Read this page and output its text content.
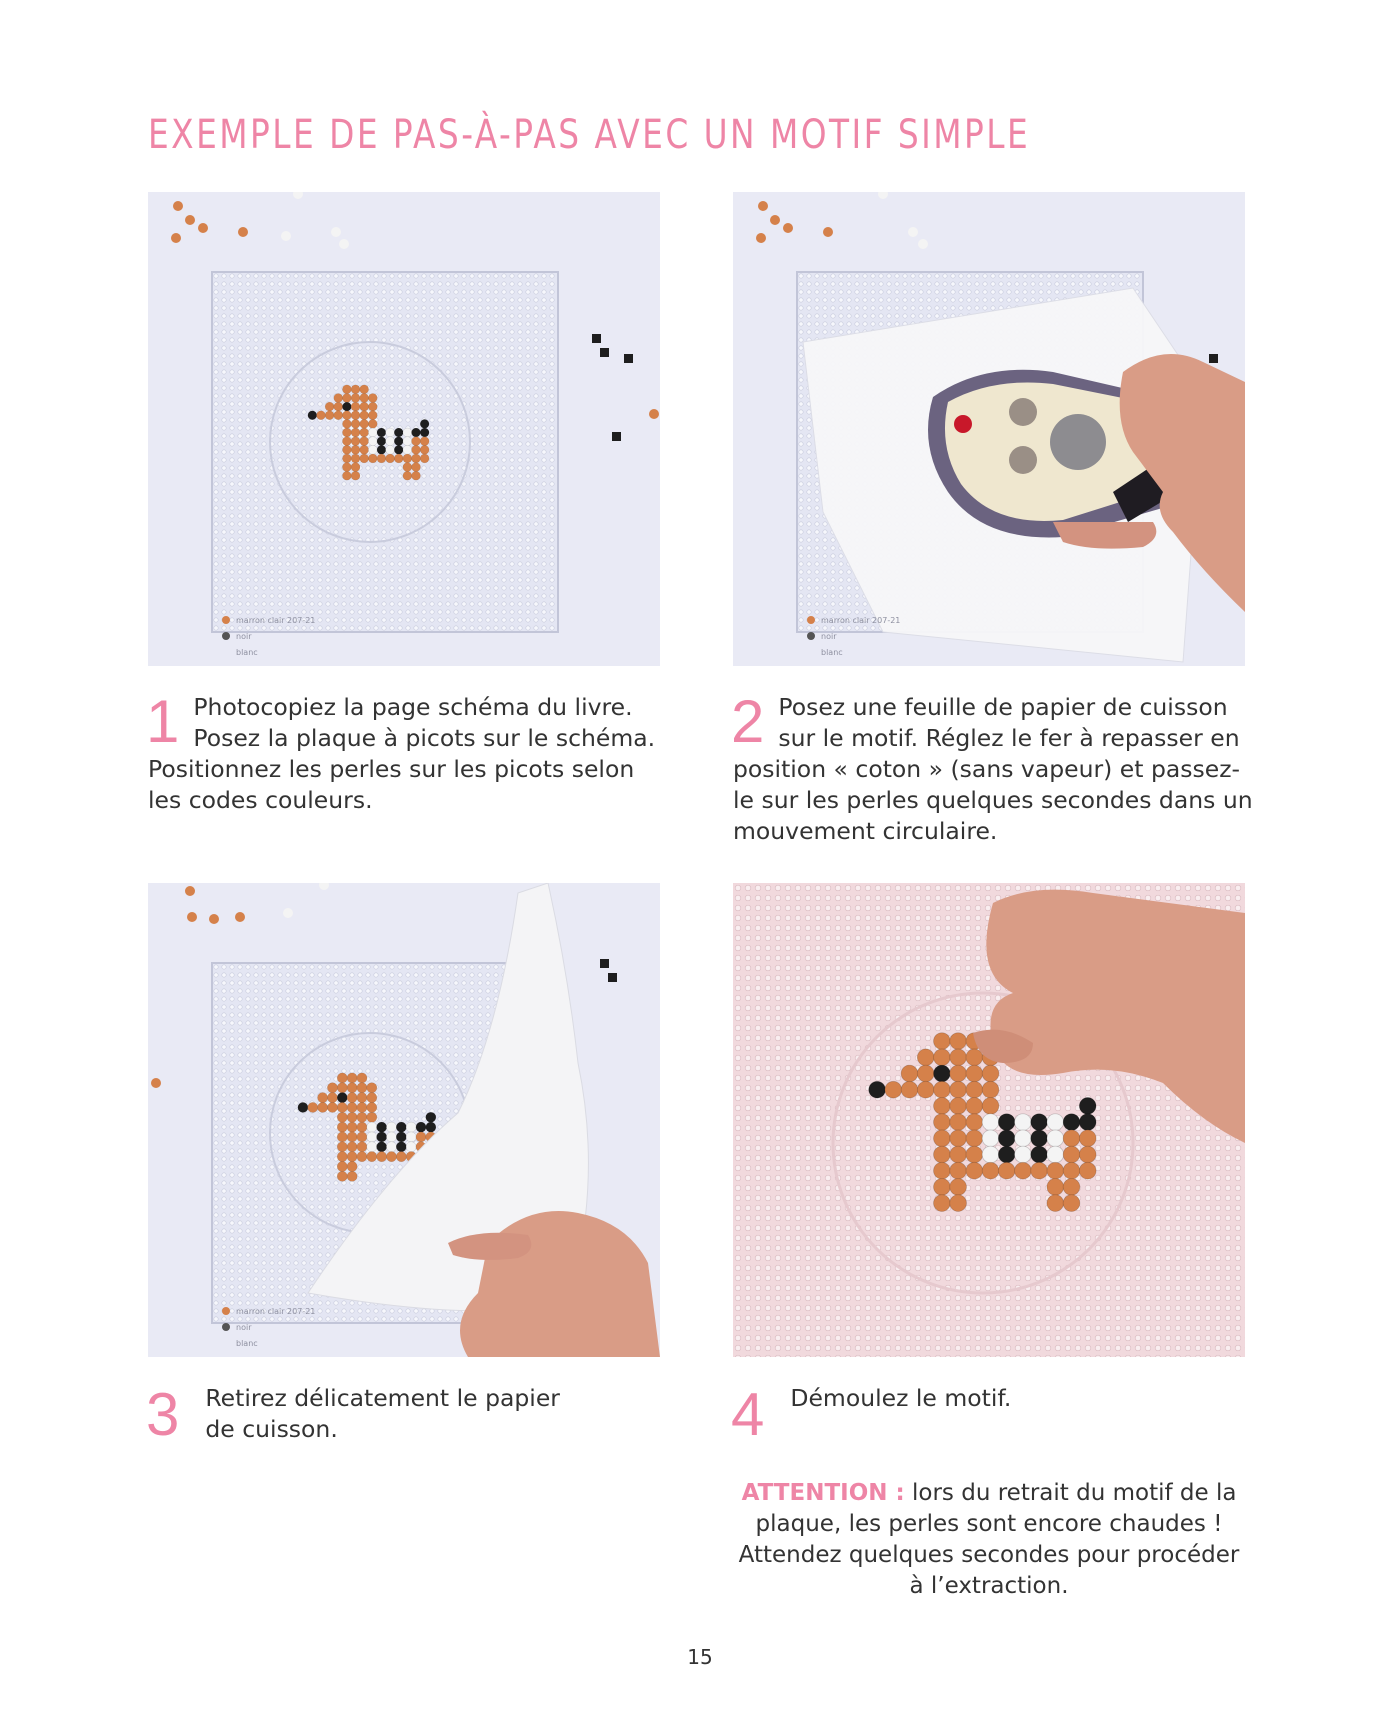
EXEMPLE DE PAS-À-PAS AVEC UN MOTIF SIMPLE
marron clair 207-21
noir
blanc
marron clair 207-21
noir
blanc
marron clair 207-21
noir
blanc
1 Photocopiez la page schéma du livre. Posez la plaque à picots sur le schéma. Positionnez les perles sur les picots selon les codes couleurs.
2 Posez une feuille de papier de cuisson sur le motif. Réglez le fer à repasser en position « coton » (sans vapeur) et passez-le sur les perles quelques secondes dans un mouvement circulaire.
3 Retirez délicatement le papier de cuisson.	4 Démoulez le motif.
ATTENTION : lors du retrait du motif de la plaque, les perles sont encore chaudes ! Attendez quelques secondes pour procéder à l’extraction.
15
